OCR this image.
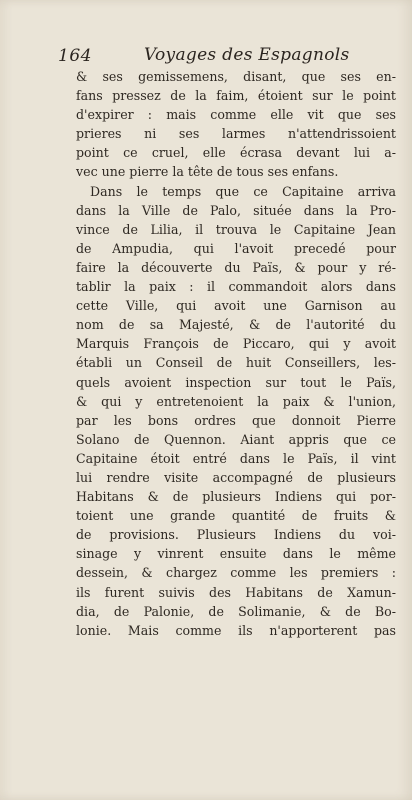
164	Voyages des Espagnols
& ses gemissemens, disant, que ses en-
fans pressez de la faim, étoient sur le point
d'expirer : mais comme elle vit que ses
prieres ni ses larmes n'attendrissoient
point ce cruel, elle écrasa devant lui a-
vec une pierre la tête de tous ses enfans.
Dans le temps que ce Capitaine arriva
dans la Ville de Palo, située dans la Pro-
vince de Lilia, il trouva le Capitaine Jean
de Ampudia, qui l'avoit precedé pour
faire la découverte du Païs, & pour y ré-
tablir la paix : il commandoit alors dans
cette Ville, qui avoit une Garnison au
nom de sa Majesté, & de l'autorité du
Marquis François de Piccaro, qui y avoit
établi un Conseil de huit Conseillers, les-
quels avoient inspection sur tout le Païs,
& qui y entretenoient la paix & l'union,
par les bons ordres que donnoit Pierre
Solano de Quennon. Aiant appris que ce
Capitaine étoit entré dans le Païs, il vint
lui rendre visite accompagné de plusieurs
Habitans & de plusieurs Indiens qui por-
toient une grande quantité de fruits &
de provisions. Plusieurs Indiens du voi-
sinage y vinrent ensuite dans le même
dessein, & chargez comme les premiers :
ils furent suivis des Habitans de Xamun-
dia, de Palonie, de Solimanie, & de Bo-
lonie. Mais comme ils n'apporterent pas
